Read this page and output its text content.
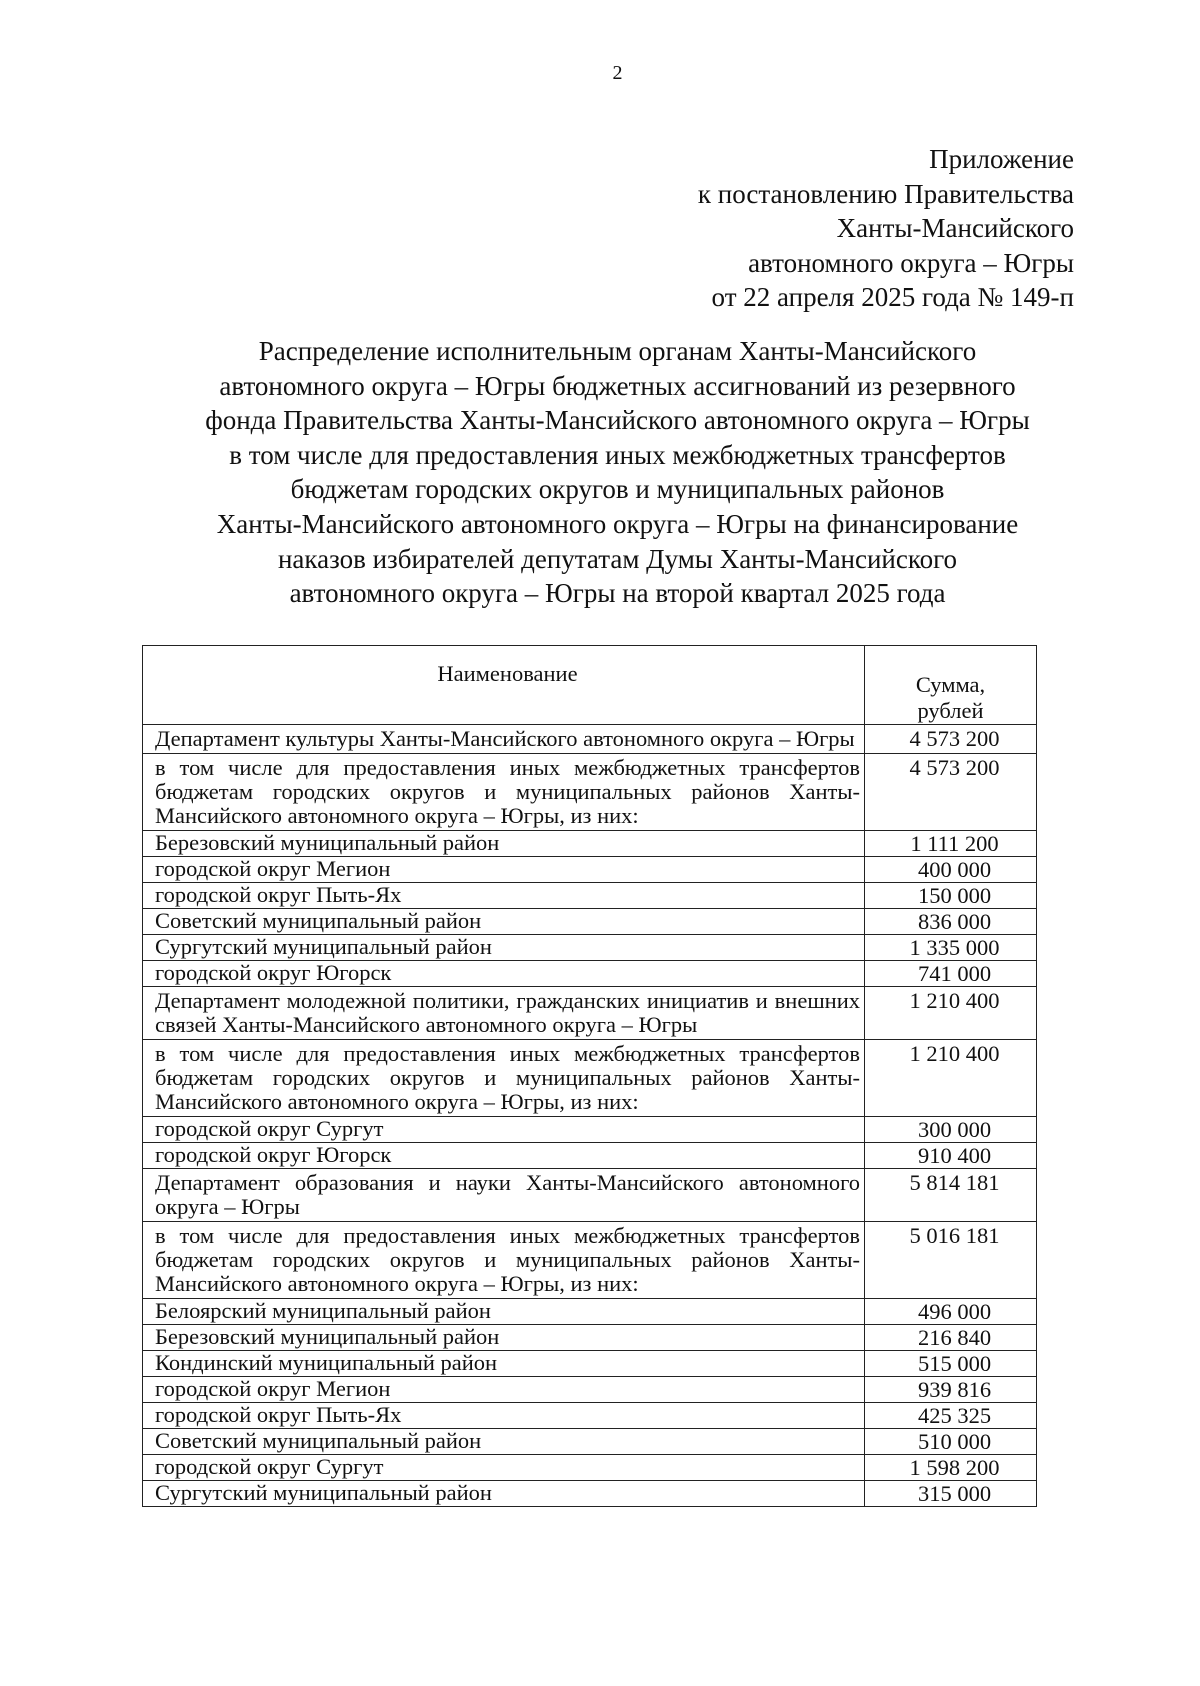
2
Приложение
к постановлению Правительства
Ханты-Мансийского
автономного округа – Югры
от 22 апреля 2025 года № 149-п
Распределение исполнительным органам Ханты-Мансийского
автономного округа – Югры бюджетных ассигнований из резервного
фонда Правительства Ханты-Мансийского автономного округа – Югры
в том числе для предоставления иных межбюджетных трансфертов
бюджетам городских округов и муниципальных районов
Ханты-Мансийского автономного округа – Югры на финансирование
наказов избирателей депутатам Думы Ханты-Мансийского
автономного округа – Югры на второй квартал 2025 года
Наименование	Сумма,
рублей

Департамент культуры Ханты-Мансийского автономного округа – Югры	4 573 200
в том числе для предоставления иных межбюджетных трансфертов бюджетам городских округов и муниципальных районов Ханты-Мансийского автономного округа – Югры, из них:	4 573 200
Березовский муниципальный район	1 111 200
городской округ Мегион	400 000
городской округ Пыть-Ях	150 000
Советский муниципальный район	836 000
Сургутский муниципальный район	1 335 000
городской округ Югорск	741 000
Департамент молодежной политики, гражданских инициатив и внешних связей Ханты-Мансийского автономного округа – Югры	1 210 400
в том числе для предоставления иных межбюджетных трансфертов бюджетам городских округов и муниципальных районов Ханты-Мансийского автономного округа – Югры, из них:	1 210 400
городской округ Сургут	300 000
городской округ Югорск	910 400
Департамент образования и науки Ханты-Мансийского автономного округа – Югры	5 814 181
в том числе для предоставления иных межбюджетных трансфертов бюджетам городских округов и муниципальных районов Ханты-Мансийского автономного округа – Югры, из них:	5 016 181
Белоярский муниципальный район	496 000
Березовский муниципальный район	216 840
Кондинский муниципальный район	515 000
городской округ Мегион	939 816
городской округ Пыть-Ях	425 325
Советский муниципальный район	510 000
городской округ Сургут	1 598 200
Сургутский муниципальный район	315 000
